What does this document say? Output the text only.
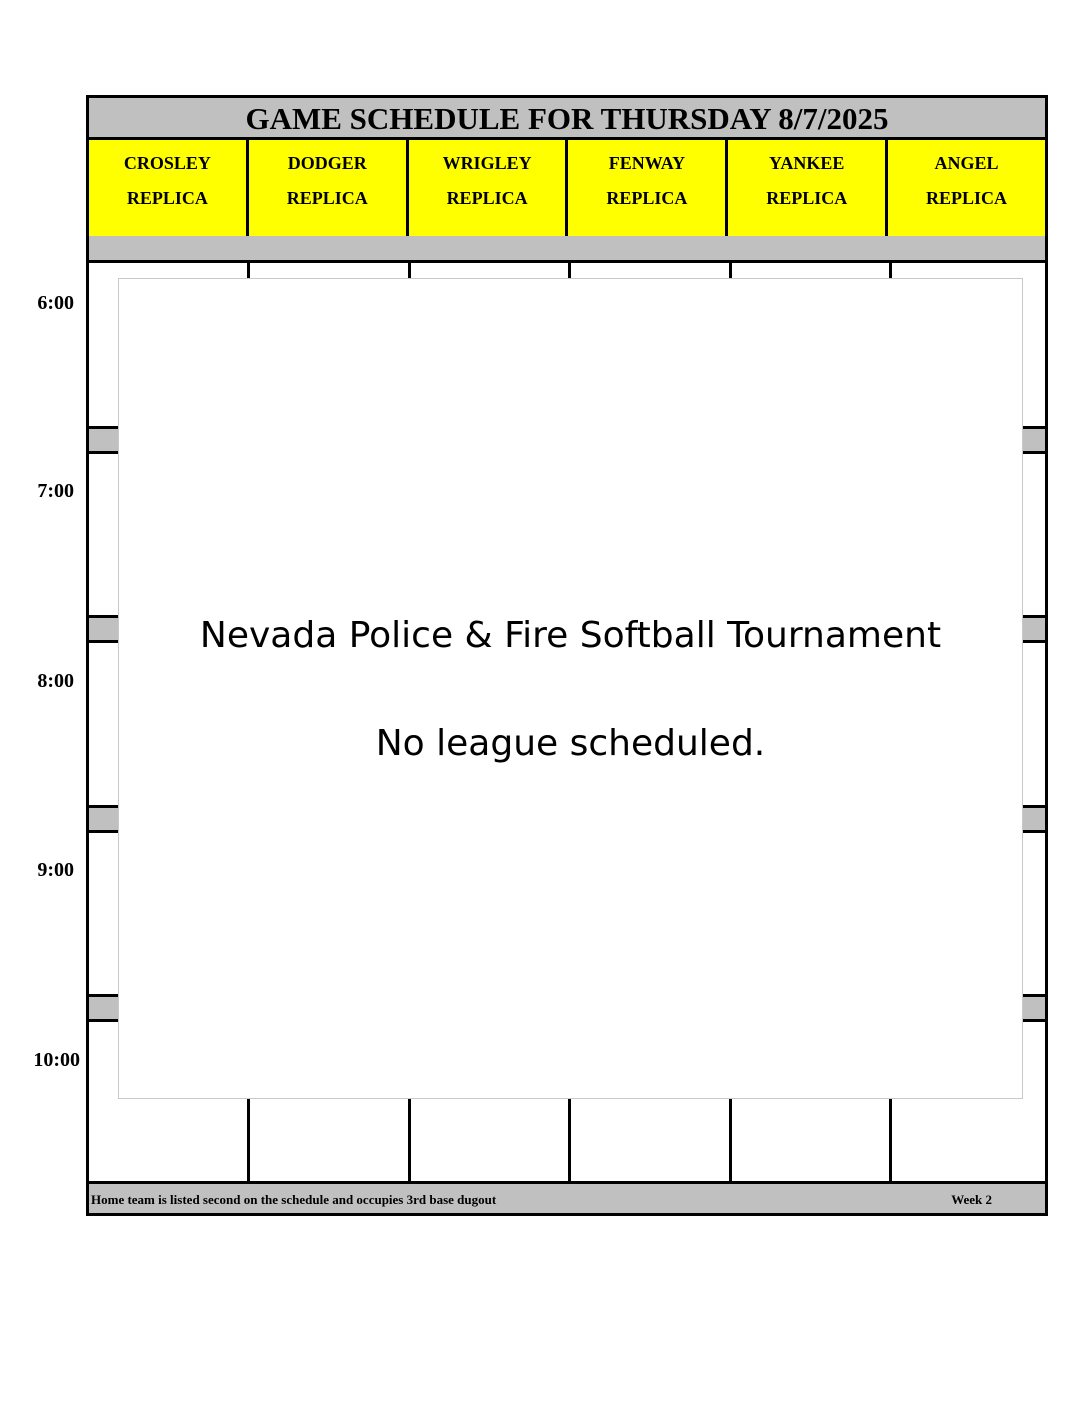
GAME SCHEDULE FOR THURSDAY 8/7/2025
CROSLEY
REPLICA
DODGER
REPLICA
WRIGLEY
REPLICA
FENWAY
REPLICA
YANKEE
REPLICA
ANGEL
REPLICA
Home team is listed second on the schedule and occupies 3rd base dugout	Week 2
6:00
7:00
8:00
9:00
10:00
Nevada Police & Fire Softball Tournament
No league scheduled.
